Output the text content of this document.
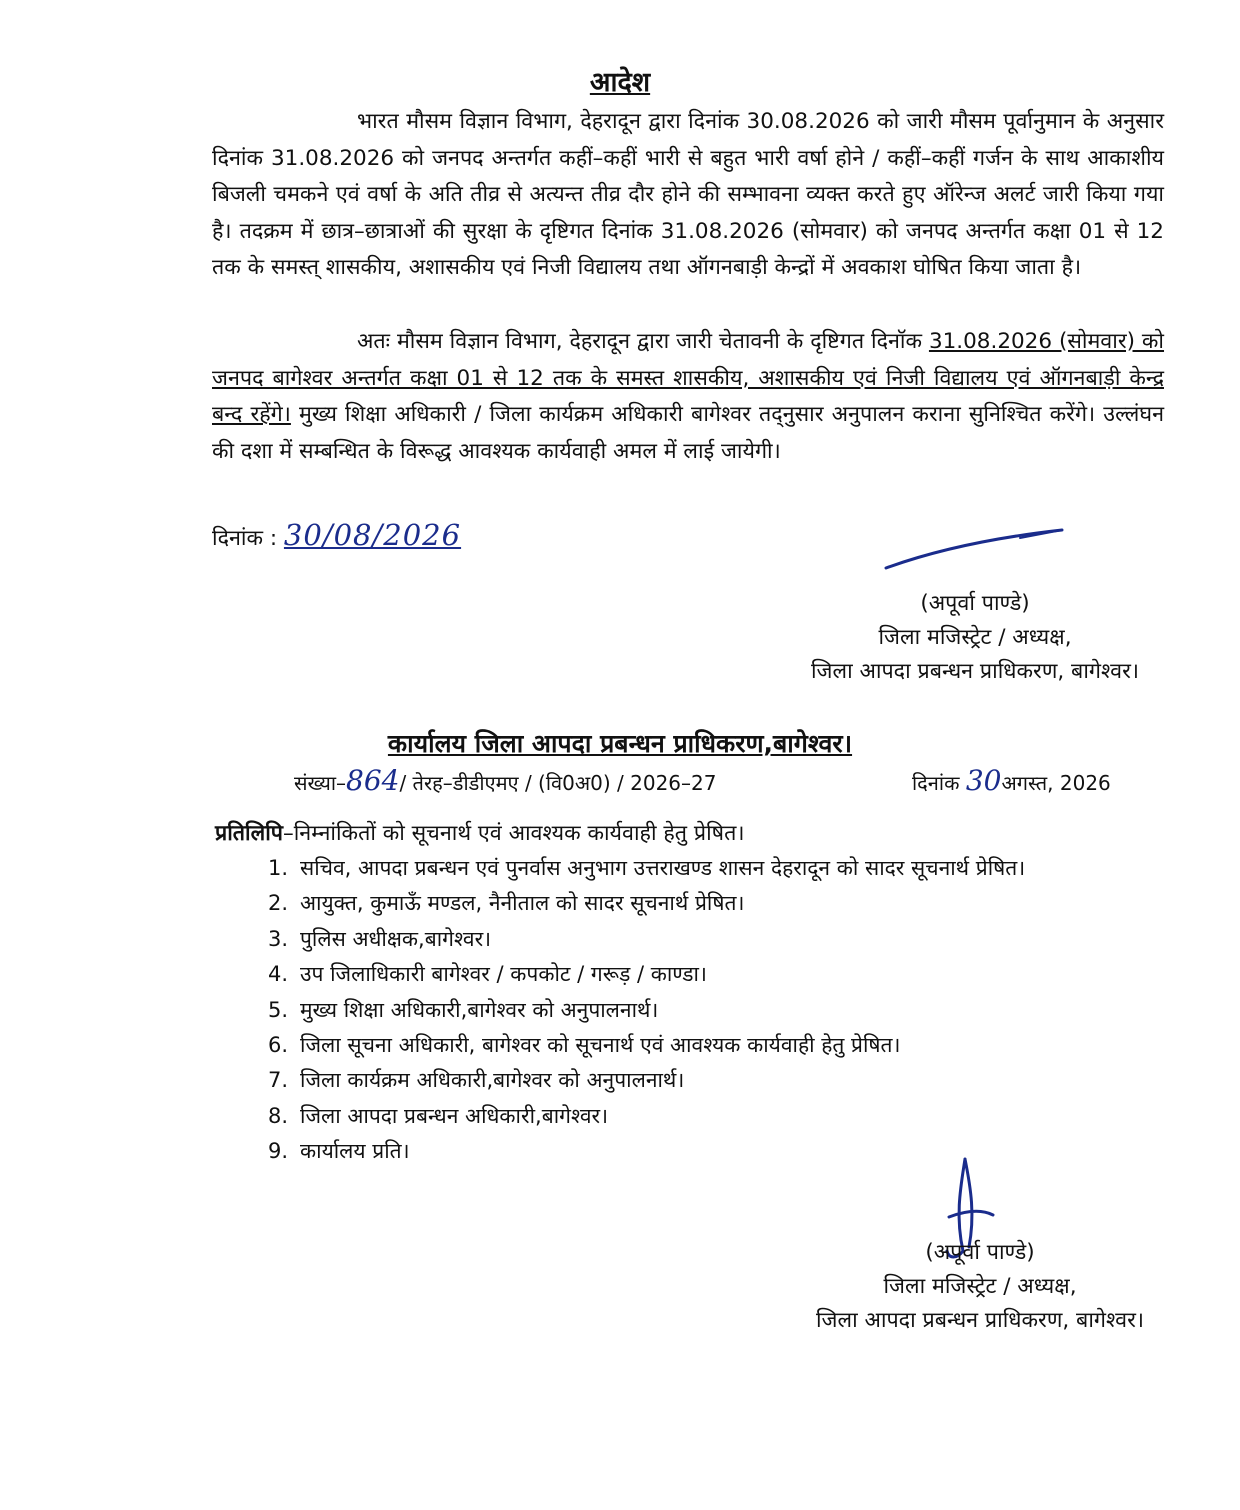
आदेश
भारत मौसम विज्ञान विभाग, देहरादून द्वारा दिनांक 30.08.2026 को जारी मौसम पूर्वानुमान के अनुसार दिनांक 31.08.2026 को जनपद अन्तर्गत कहीं–कहीं भारी से बहुत भारी वर्षा होने / कहीं–कहीं गर्जन के साथ आकाशीय बिजली चमकने एवं वर्षा के अति तीव्र से अत्यन्त तीव्र दौर होने की सम्भावना व्यक्त करते हुए ऑरेन्ज अलर्ट जारी किया गया है। तदक्रम में छात्र–छात्राओं की सुरक्षा के दृष्टिगत दिनांक 31.08.2026 (सोमवार) को जनपद अन्तर्गत कक्षा 01 से 12 तक के समस्त् शासकीय, अशासकीय एवं निजी विद्यालय तथा ऑगनबाड़ी केन्द्रों में अवकाश घोषित किया जाता है।
अतः मौसम विज्ञान विभाग, देहरादून द्वारा जारी चेतावनी के दृष्टिगत दिनॉक 31.08.2026 (सोमवार) को जनपद बागेश्वर अन्तर्गत कक्षा 01 से 12 तक के समस्त शासकीय, अशासकीय एवं निजी विद्यालय एवं ऑगनबाड़ी केन्द्र बन्द रहेंगे। मुख्य शिक्षा अधिकारी / जिला कार्यक्रम अधिकारी बागेश्वर तद्नुसार अनुपालन कराना सुनिश्चित करेंगे। उल्लंघन की दशा में सम्बन्धित के विरूद्ध आवश्यक कार्यवाही अमल में लाई जायेगी।
दिनांक : 30/08/2026
(अपूर्वा पाण्डे)
जिला मजिस्ट्रेट / अध्यक्ष,
जिला आपदा प्रबन्धन प्राधिकरण, बागेश्वर।
कार्यालय जिला आपदा प्रबन्धन प्राधिकरण,बागेश्वर।
संख्या–864/ तेरह–डीडीएमए / (वि0अ0) / 2026–27	दिनांक 30अगस्त, 2026
प्रतिलिपि–निम्नांकितों को सूचनार्थ एवं आवश्यक कार्यवाही हेतु प्रेषित।
1. सचिव, आपदा प्रबन्धन एवं पुनर्वास अनुभाग उत्तराखण्ड शासन देहरादून को सादर सूचनार्थ प्रेषित।
2. आयुक्त, कुमाऊँ मण्डल, नैनीताल को सादर सूचनार्थ प्रेषित।
3. पुलिस अधीक्षक,बागेश्वर।
4. उप जिलाधिकारी बागेश्वर / कपकोट / गरूड़ / काण्डा।
5. मुख्य शिक्षा अधिकारी,बागेश्वर को अनुपालनार्थ।
6. जिला सूचना अधिकारी, बागेश्वर को सूचनार्थ एवं आवश्यक कार्यवाही हेतु प्रेषित।
7. जिला कार्यक्रम अधिकारी,बागेश्वर को अनुपालनार्थ।
8. जिला आपदा प्रबन्धन अधिकारी,बागेश्वर।
9. कार्यालय प्रति।
(अपूर्वा पाण्डे)
जिला मजिस्ट्रेट / अध्यक्ष,
जिला आपदा प्रबन्धन प्राधिकरण, बागेश्वर।
